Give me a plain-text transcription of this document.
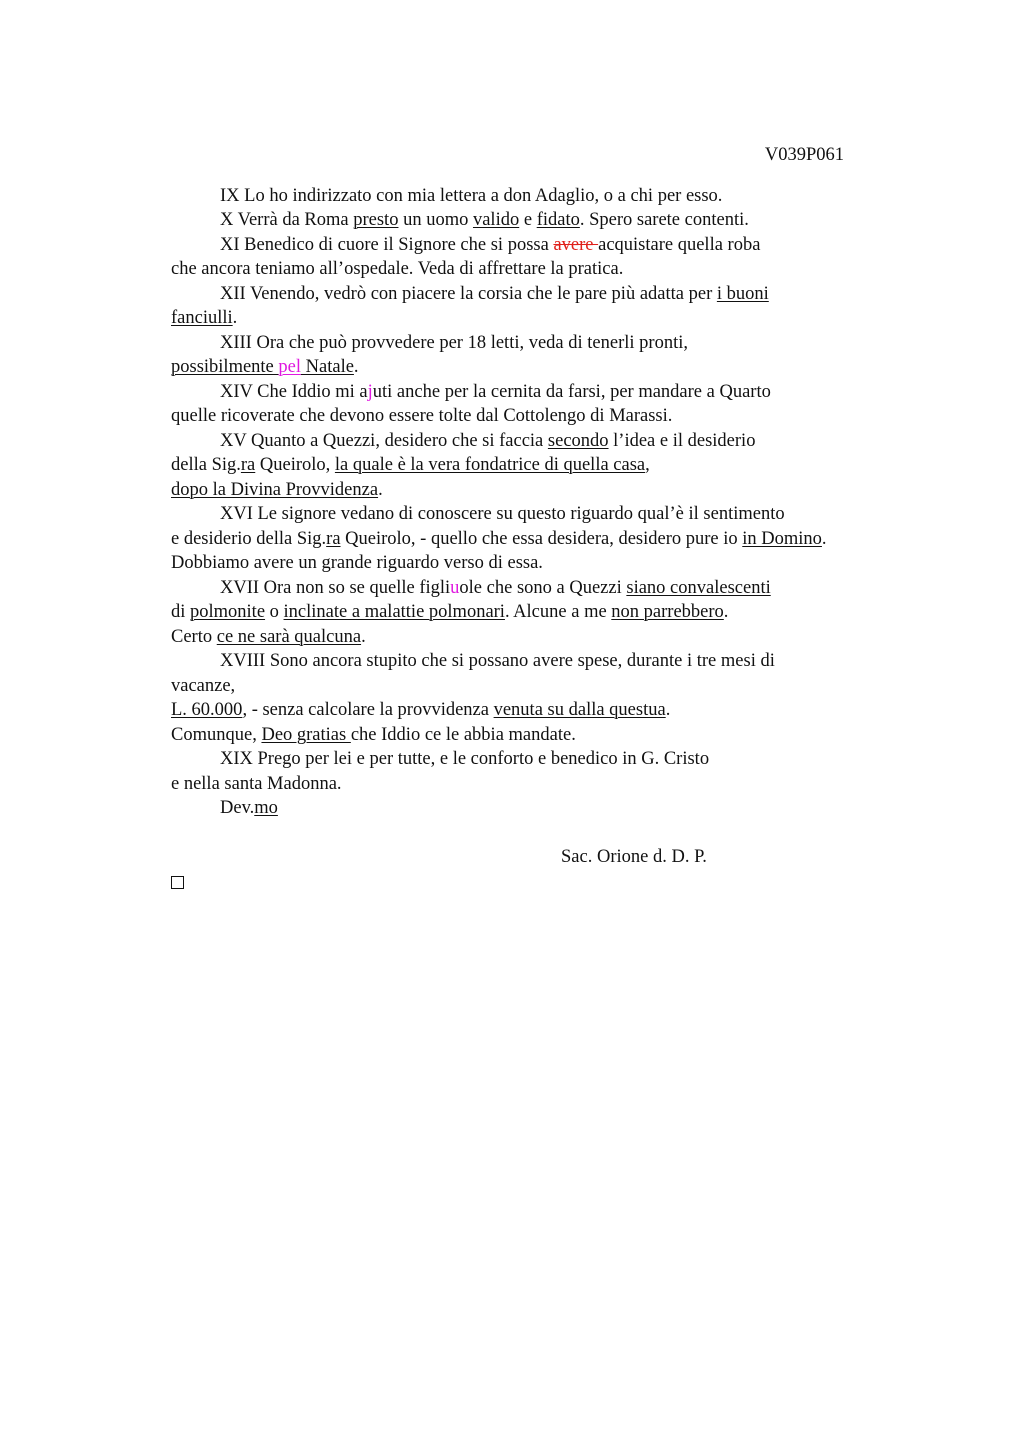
V039P061
IX Lo ho indirizzato con mia lettera a don Adaglio, o a chi per esso.
X Verrà da Roma presto un uomo valido e fidato. Spero sarete contenti.
XI Benedico di cuore il Signore che si possa avere acquistare quella roba
che ancora teniamo all’ospedale. Veda di affrettare la pratica.
XII Venendo, vedrò con piacere la corsia che le pare più adatta per i buoni
fanciulli.
XIII Ora che può provvedere per 18 letti, veda di tenerli pronti,
possibilmente pel Natale.
XIV Che Iddio mi ajuti anche per la cernita da farsi, per mandare a Quarto
quelle ricoverate che devono essere tolte dal Cottolengo di Marassi.
XV Quanto a Quezzi, desidero che si faccia secondo l’idea e il desiderio
della Sig.ra Queirolo, la quale è la vera fondatrice di quella casa,
dopo la Divina Provvidenza.
XVI Le signore vedano di conoscere su questo riguardo qual’è il sentimento
e desiderio della Sig.ra Queirolo, - quello che essa desidera, desidero pure io in Domino.
Dobbiamo avere un grande riguardo verso di essa.
XVII Ora non so se quelle figliuole che sono a Quezzi siano convalescenti
di polmonite o inclinate a malattie polmonari. Alcune a me non parrebbero.
Certo ce ne sarà qualcuna.
XVIII Sono ancora stupito che si possano avere spese, durante i tre mesi di
vacanze,
L. 60.000, - senza calcolare la provvidenza venuta su dalla questua.
Comunque, Deo gratias che Iddio ce le abbia mandate.
XIX Prego per lei e per tutte, e le conforto e benedico in G. Cristo
e nella santa Madonna.
Dev.mo
Sac. Orione d. D. P.
